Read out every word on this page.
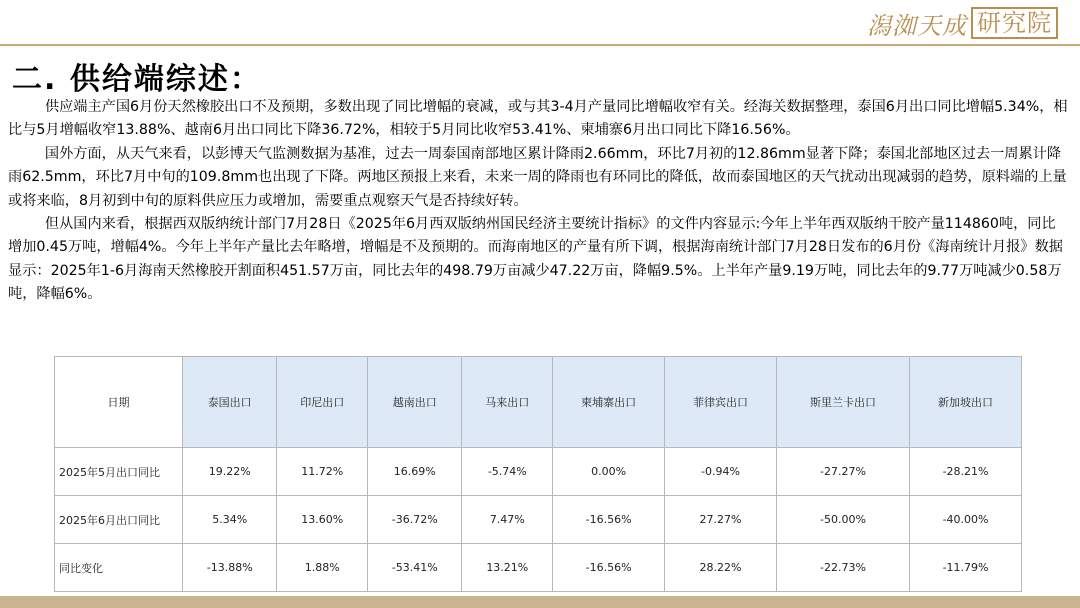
潟洳天成 研究院
二. 供给端综述：

供应端主产国6月份天然橡胶出口不及预期，多数出现了同比增幅的衰减，或与其3-4月产量同比增幅收窄有关。经海关数据整理，泰国6月出口同比增幅5.34%，相比与5月增幅收窄13.88%、越南6月出口同比下降36.72%，相较于5月同比收窄53.41%、柬埔寨6月出口同比下降16.56%。

国外方面，从天气来看，以彭博天气监测数据为基准，过去一周泰国南部地区累计降雨2.66mm，环比7月初的12.86mm显著下降；泰国北部地区过去一周累计降雨62.5mm，环比7月中旬的109.8mm也出现了下降。两地区预报上来看，未来一周的降雨也有环同比的降低，故而泰国地区的天气扰动出现减弱的趋势，原料端的上量或将来临，8月初到中旬的原料供应压力或增加，需要重点观察天气是否持续好转。

但从国内来看，根据西双版纳统计部门7月28日《2025年6月西双版纳州国民经济主要统计指标》的文件内容显示:今年上半年西双版纳干胶产量114860吨，同比增加0.45万吨，增幅4%。今年上半年产量比去年略增，增幅是不及预期的。而海南地区的产量有所下调，根据海南统计部门7月28日发布的6月份《海南统计月报》数据显示：2025年1-6月海南天然橡胶开割面积451.57万亩，同比去年的498.79万亩减少47.22万亩，降幅9.5%。上半年产量9.19万吨，同比去年的9.77万吨减少0.58万吨，降幅6%。

日期	泰国出口	印尼出口	越南出口	马来出口	柬埔寨出口	菲律宾出口	斯里兰卡出口	新加坡出口
2025年5月出口同比	19.22%	11.72%	16.69%	-5.74%	0.00%	-0.94%	-27.27%	-28.21%
2025年6月出口同比	5.34%	13.60%	-36.72%	7.47%	-16.56%	27.27%	-50.00%	-40.00%
同比变化	-13.88%	1.88%	-53.41%	13.21%	-16.56%	28.22%	-22.73%	-11.79%
